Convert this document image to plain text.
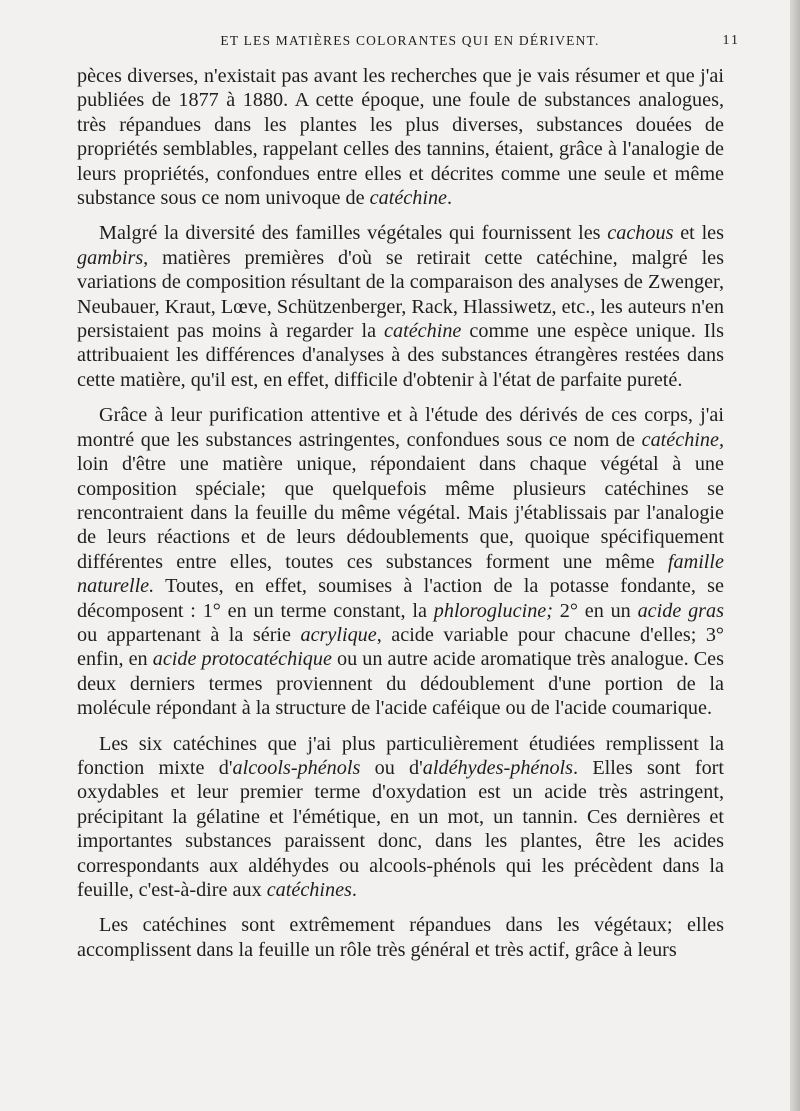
ET LES MATIÈRES COLORANTES QUI EN DÉRIVENT.	11

pèces diverses, n'existait pas avant les recherches que je vais résumer et que j'ai publiées de 1877 à 1880. A cette époque, une foule de substances analogues, très répandues dans les plantes les plus diverses, substances douées de propriétés semblables, rappelant celles des tannins, étaient, grâce à l'analogie de leurs propriétés, confondues entre elles et décrites comme une seule et même substance sous ce nom univoque de catéchine.

Malgré la diversité des familles végétales qui fournissent les cachous et les gambirs, matières premières d'où se retirait cette catéchine, malgré les variations de composition résultant de la comparaison des analyses de Zwenger, Neubauer, Kraut, Lœve, Schützenberger, Rack, Hlassiwetz, etc., les auteurs n'en persistaient pas moins à regarder la catéchine comme une espèce unique. Ils attribuaient les différences d'analyses à des substances étrangères restées dans cette matière, qu'il est, en effet, difficile d'obtenir à l'état de parfaite pureté.

Grâce à leur purification attentive et à l'étude des dérivés de ces corps, j'ai montré que les substances astringentes, confondues sous ce nom de catéchine, loin d'être une matière unique, répondaient dans chaque végétal à une composition spéciale; que quelquefois même plusieurs catéchines se rencontraient dans la feuille du même végétal. Mais j'établissais par l'analogie de leurs réactions et de leurs dédoublements que, quoique spécifiquement différentes entre elles, toutes ces substances forment une même famille naturelle. Toutes, en effet, soumises à l'action de la potasse fondante, se décomposent : 1° en un terme constant, la phloroglucine; 2° en un acide gras ou appartenant à la série acrylique, acide variable pour chacune d'elles; 3° enfin, en acide protocatéchique ou un autre acide aromatique très analogue. Ces deux derniers termes proviennent du dédoublement d'une portion de la molécule répondant à la structure de l'acide caféique ou de l'acide coumarique.

Les six catéchines que j'ai plus particulièrement étudiées remplissent la fonction mixte d'alcools-phénols ou d'aldéhydes-phénols. Elles sont fort oxydables et leur premier terme d'oxydation est un acide très astringent, précipitant la gélatine et l'émétique, en un mot, un tannin. Ces dernières et importantes substances paraissent donc, dans les plantes, être les acides correspondants aux aldéhydes ou alcools-phénols qui les précèdent dans la feuille, c'est-à-dire aux catéchines.

Les catéchines sont extrêmement répandues dans les végétaux; elles accomplissent dans la feuille un rôle très général et très actif, grâce à leurs
